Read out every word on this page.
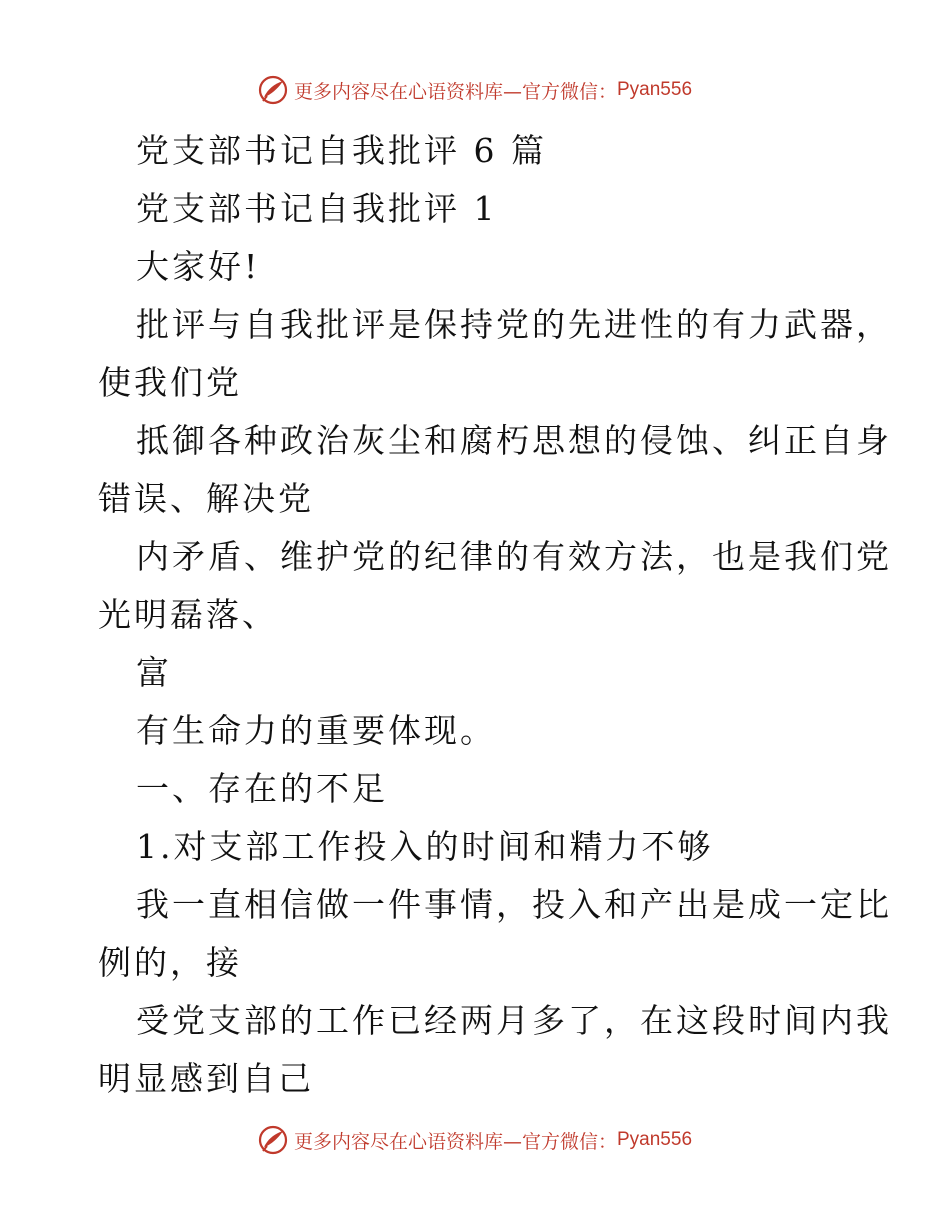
更多内容尽在心语资料库—官方微信： Pyan556
党支部书记自我批评 6 篇
党支部书记自我批评 1
大家好!
批评与自我批评是保持党的先进性的有力武器，
使我们党
抵御各种政治灰尘和腐朽思想的侵蚀、纠正自身
错误、解决党
内矛盾、维护党的纪律的有效方法，也是我们党
光明磊落、
富
有生命力的重要体现。
一、存在的不足
1.对支部工作投入的时间和精力不够
我一直相信做一件事情，投入和产出是成一定比
例的，接
受党支部的工作已经两月多了，在这段时间内我
明显感到自己
更多内容尽在心语资料库—官方微信： Pyan556
